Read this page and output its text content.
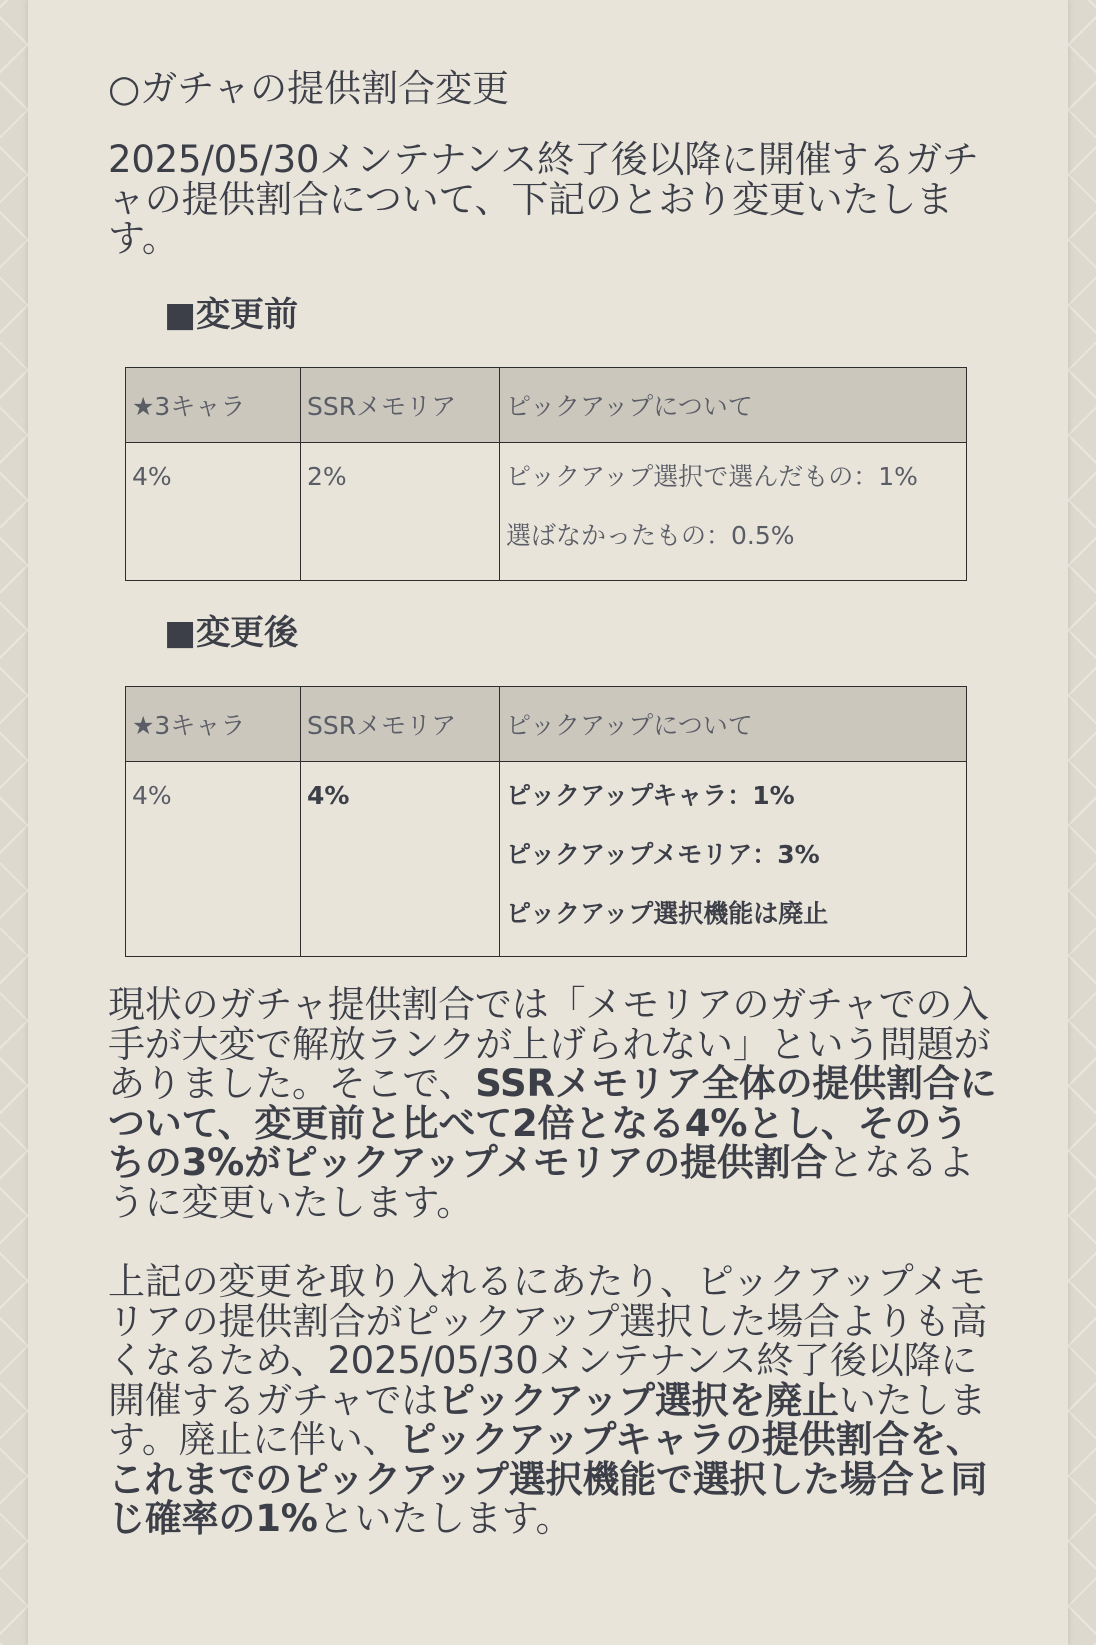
○ガチャの提供割合変更
2025/05/30メンテナンス終了後以降に開催するガチャの提供割合について、下記のとおり変更いたします。
■変更前
★3キャラ	SSRメモリア	ピックアップについて

4%	2%	ピックアップ選択で選んだもの：1%
選ばなかったもの：0.5%
■変更後
★3キャラ	SSRメモリア	ピックアップについて

4%	4%	ピックアップキャラ：1%
ピックアップメモリア：3%
ピックアップ選択機能は廃止
現状のガチャ提供割合では「メモリアのガチャでの入手が大変で解放ランクが上げられない」という問題がありました。そこで、SSRメモリア全体の提供割合について、変更前と比べて2倍となる4%とし、そのうちの3%がピックアップメモリアの提供割合となるように変更いたします。
上記の変更を取り入れるにあたり、ピックアップメモリアの提供割合がピックアップ選択した場合よりも高くなるため、2025/05/30メンテナンス終了後以降に開催するガチャではピックアップ選択を廃止いたします。廃止に伴い、ピックアップキャラの提供割合を、これまでのピックアップ選択機能で選択した場合と同じ確率の1%といたします。
